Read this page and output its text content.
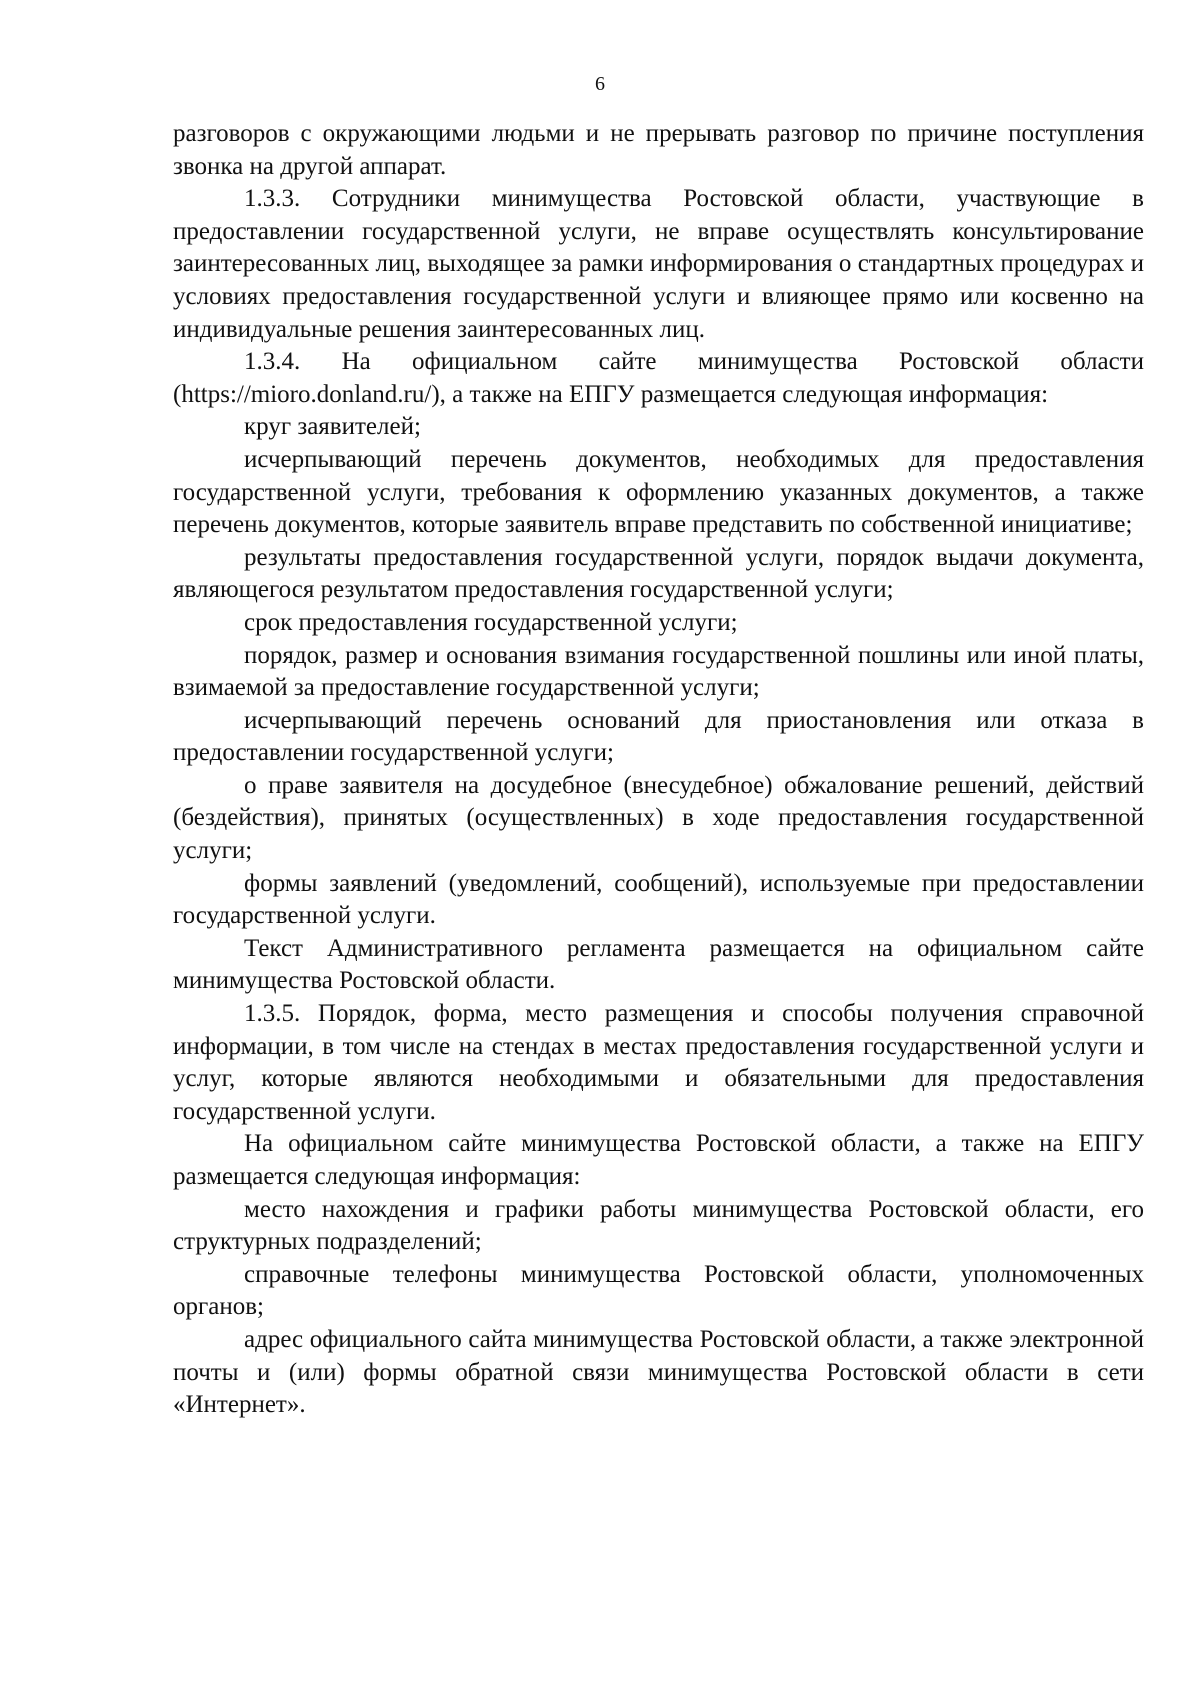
6

разговоров с окружающими людьми и не прерывать разговор по причине поступления звонка на другой аппарат.

1.3.3. Сотрудники минимущества Ростовской области, участвующие в предоставлении государственной услуги, не вправе осуществлять консультирование заинтересованных лиц, выходящее за рамки информирования о стандартных процедурах и условиях предоставления государственной услуги и влияющее прямо или косвенно на индивидуальные решения заинтересованных лиц.

1.3.4. На официальном сайте минимущества Ростовской области (https://mioro.donland.ru/), а также на ЕПГУ размещается следующая информация:

круг заявителей;

исчерпывающий перечень документов, необходимых для предоставления государственной услуги, требования к оформлению указанных документов, а также перечень документов, которые заявитель вправе представить по собственной инициативе;

результаты предоставления государственной услуги, порядок выдачи документа, являющегося результатом предоставления государственной услуги;

срок предоставления государственной услуги;

порядок, размер и основания взимания государственной пошлины или иной платы, взимаемой за предоставление государственной услуги;

исчерпывающий перечень оснований для приостановления или отказа в предоставлении государственной услуги;

о праве заявителя на досудебное (внесудебное) обжалование решений, действий (бездействия), принятых (осуществленных) в ходе предоставления государственной услуги;

формы заявлений (уведомлений, сообщений), используемые при предоставлении государственной услуги.

Текст Административного регламента размещается на официальном сайте минимущества Ростовской области.

1.3.5. Порядок, форма, место размещения и способы получения справочной информации, в том числе на стендах в местах предоставления государственной услуги и услуг, которые являются необходимыми и обязательными для предоставления государственной услуги.

На официальном сайте минимущества Ростовской области, а также на ЕПГУ размещается следующая информация:

место нахождения и графики работы минимущества Ростовской области, его структурных подразделений;

справочные телефоны минимущества Ростовской области, уполномоченных органов;

адрес официального сайта минимущества Ростовской области, а также электронной почты и (или) формы обратной связи минимущества Ростовской области в сети «Интернет».
